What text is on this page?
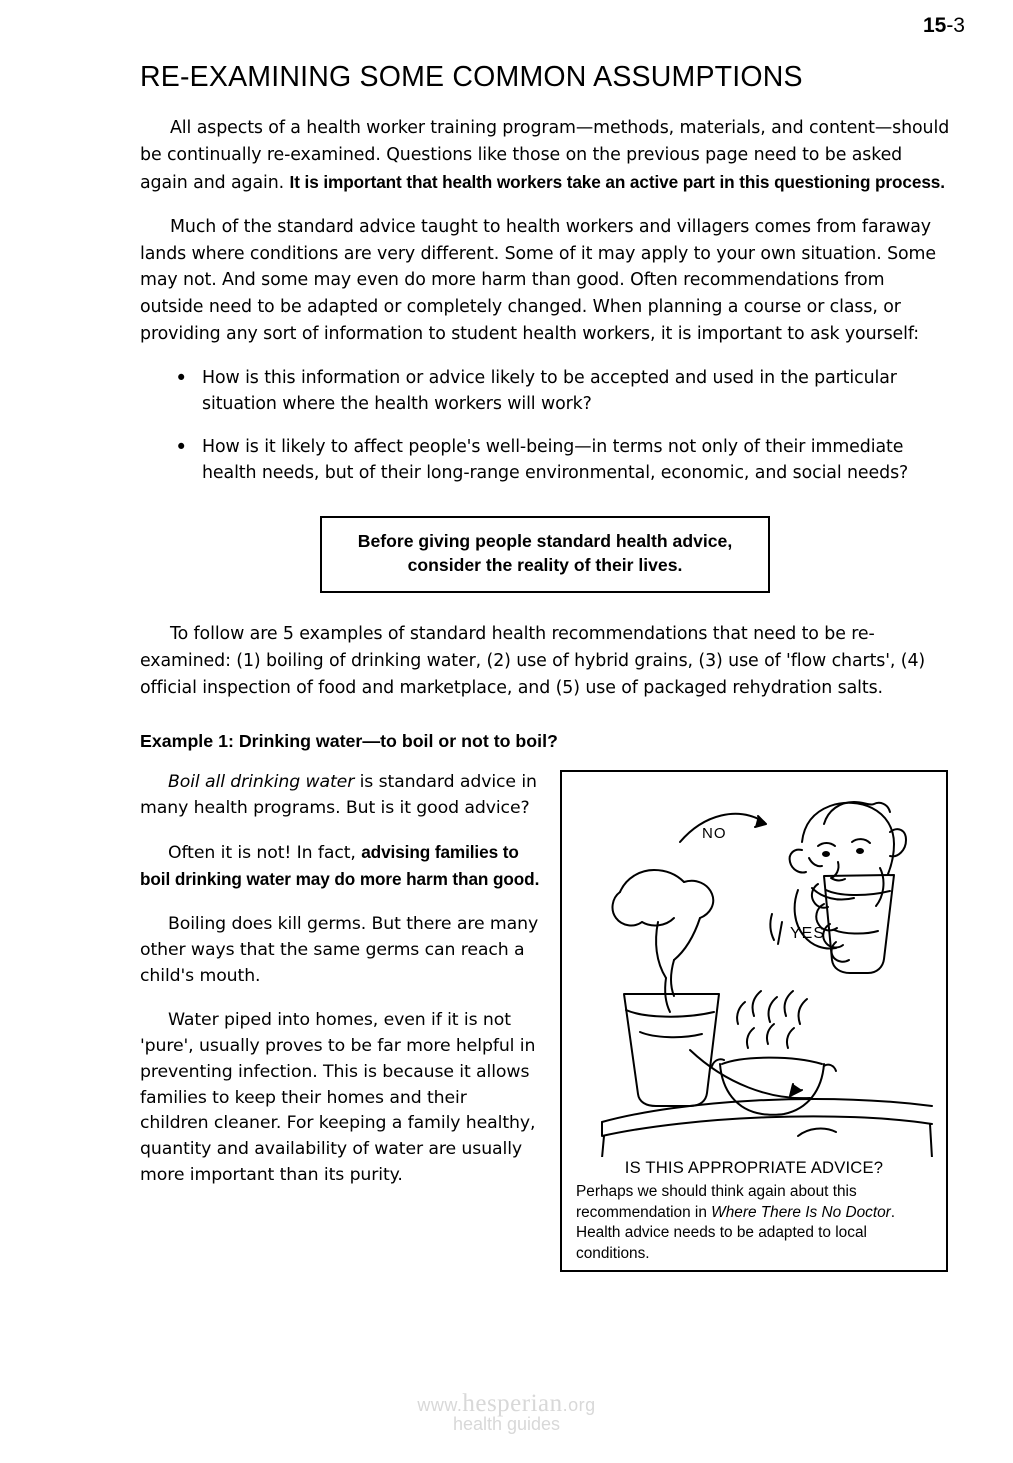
15-3
RE-EXAMINING SOME COMMON ASSUMPTIONS

All aspects of a health worker training program—methods, materials, and content—should be continually re-examined. Questions like those on the previous page need to be asked again and again. It is important that health workers take an active part in this questioning process.

Much of the standard advice taught to health workers and villagers comes from faraway lands where conditions are very different. Some of it may apply to your own situation. Some may not. And some may even do more harm than good. Often recommendations from outside need to be adapted or completely changed. When planning a course or class, or providing any sort of information to student health workers, it is important to ask yourself:

• How is this information or advice likely to be accepted and used in the particular situation where the health workers will work?
• How is it likely to affect people's well-being—in terms not only of their immediate health needs, but of their long-range environmental, economic, and social needs?
Before giving people standard health advice,
consider the reality of their lives.

To follow are 5 examples of standard health recommendations that need to be re-examined: (1) boiling of drinking water, (2) use of hybrid grains, (3) use of 'flow charts', (4) official inspection of food and marketplace, and (5) use of packaged rehydration salts.

Example 1: Drinking water—to boil or not to boil?

Boil all drinking water is standard advice in many health programs. But is it good advice?

Often it is not! In fact, advising families to boil drinking water may do more harm than good.

Boiling does kill germs. But there are many other ways that the same germs can reach a child's mouth.

Water piped into homes, even if it is not 'pure', usually proves to be far more helpful in preventing infection. This is because it allows families to keep their homes and their children cleaner. For keeping a family healthy, quantity and availability of water are usually more important than its purity.

NO
YES
IS THIS APPROPRIATE ADVICE?
Perhaps we should think again about this recommendation in Where There Is No Doctor. Health advice needs to be adapted to local conditions.
www.hesperian.org
health guides
